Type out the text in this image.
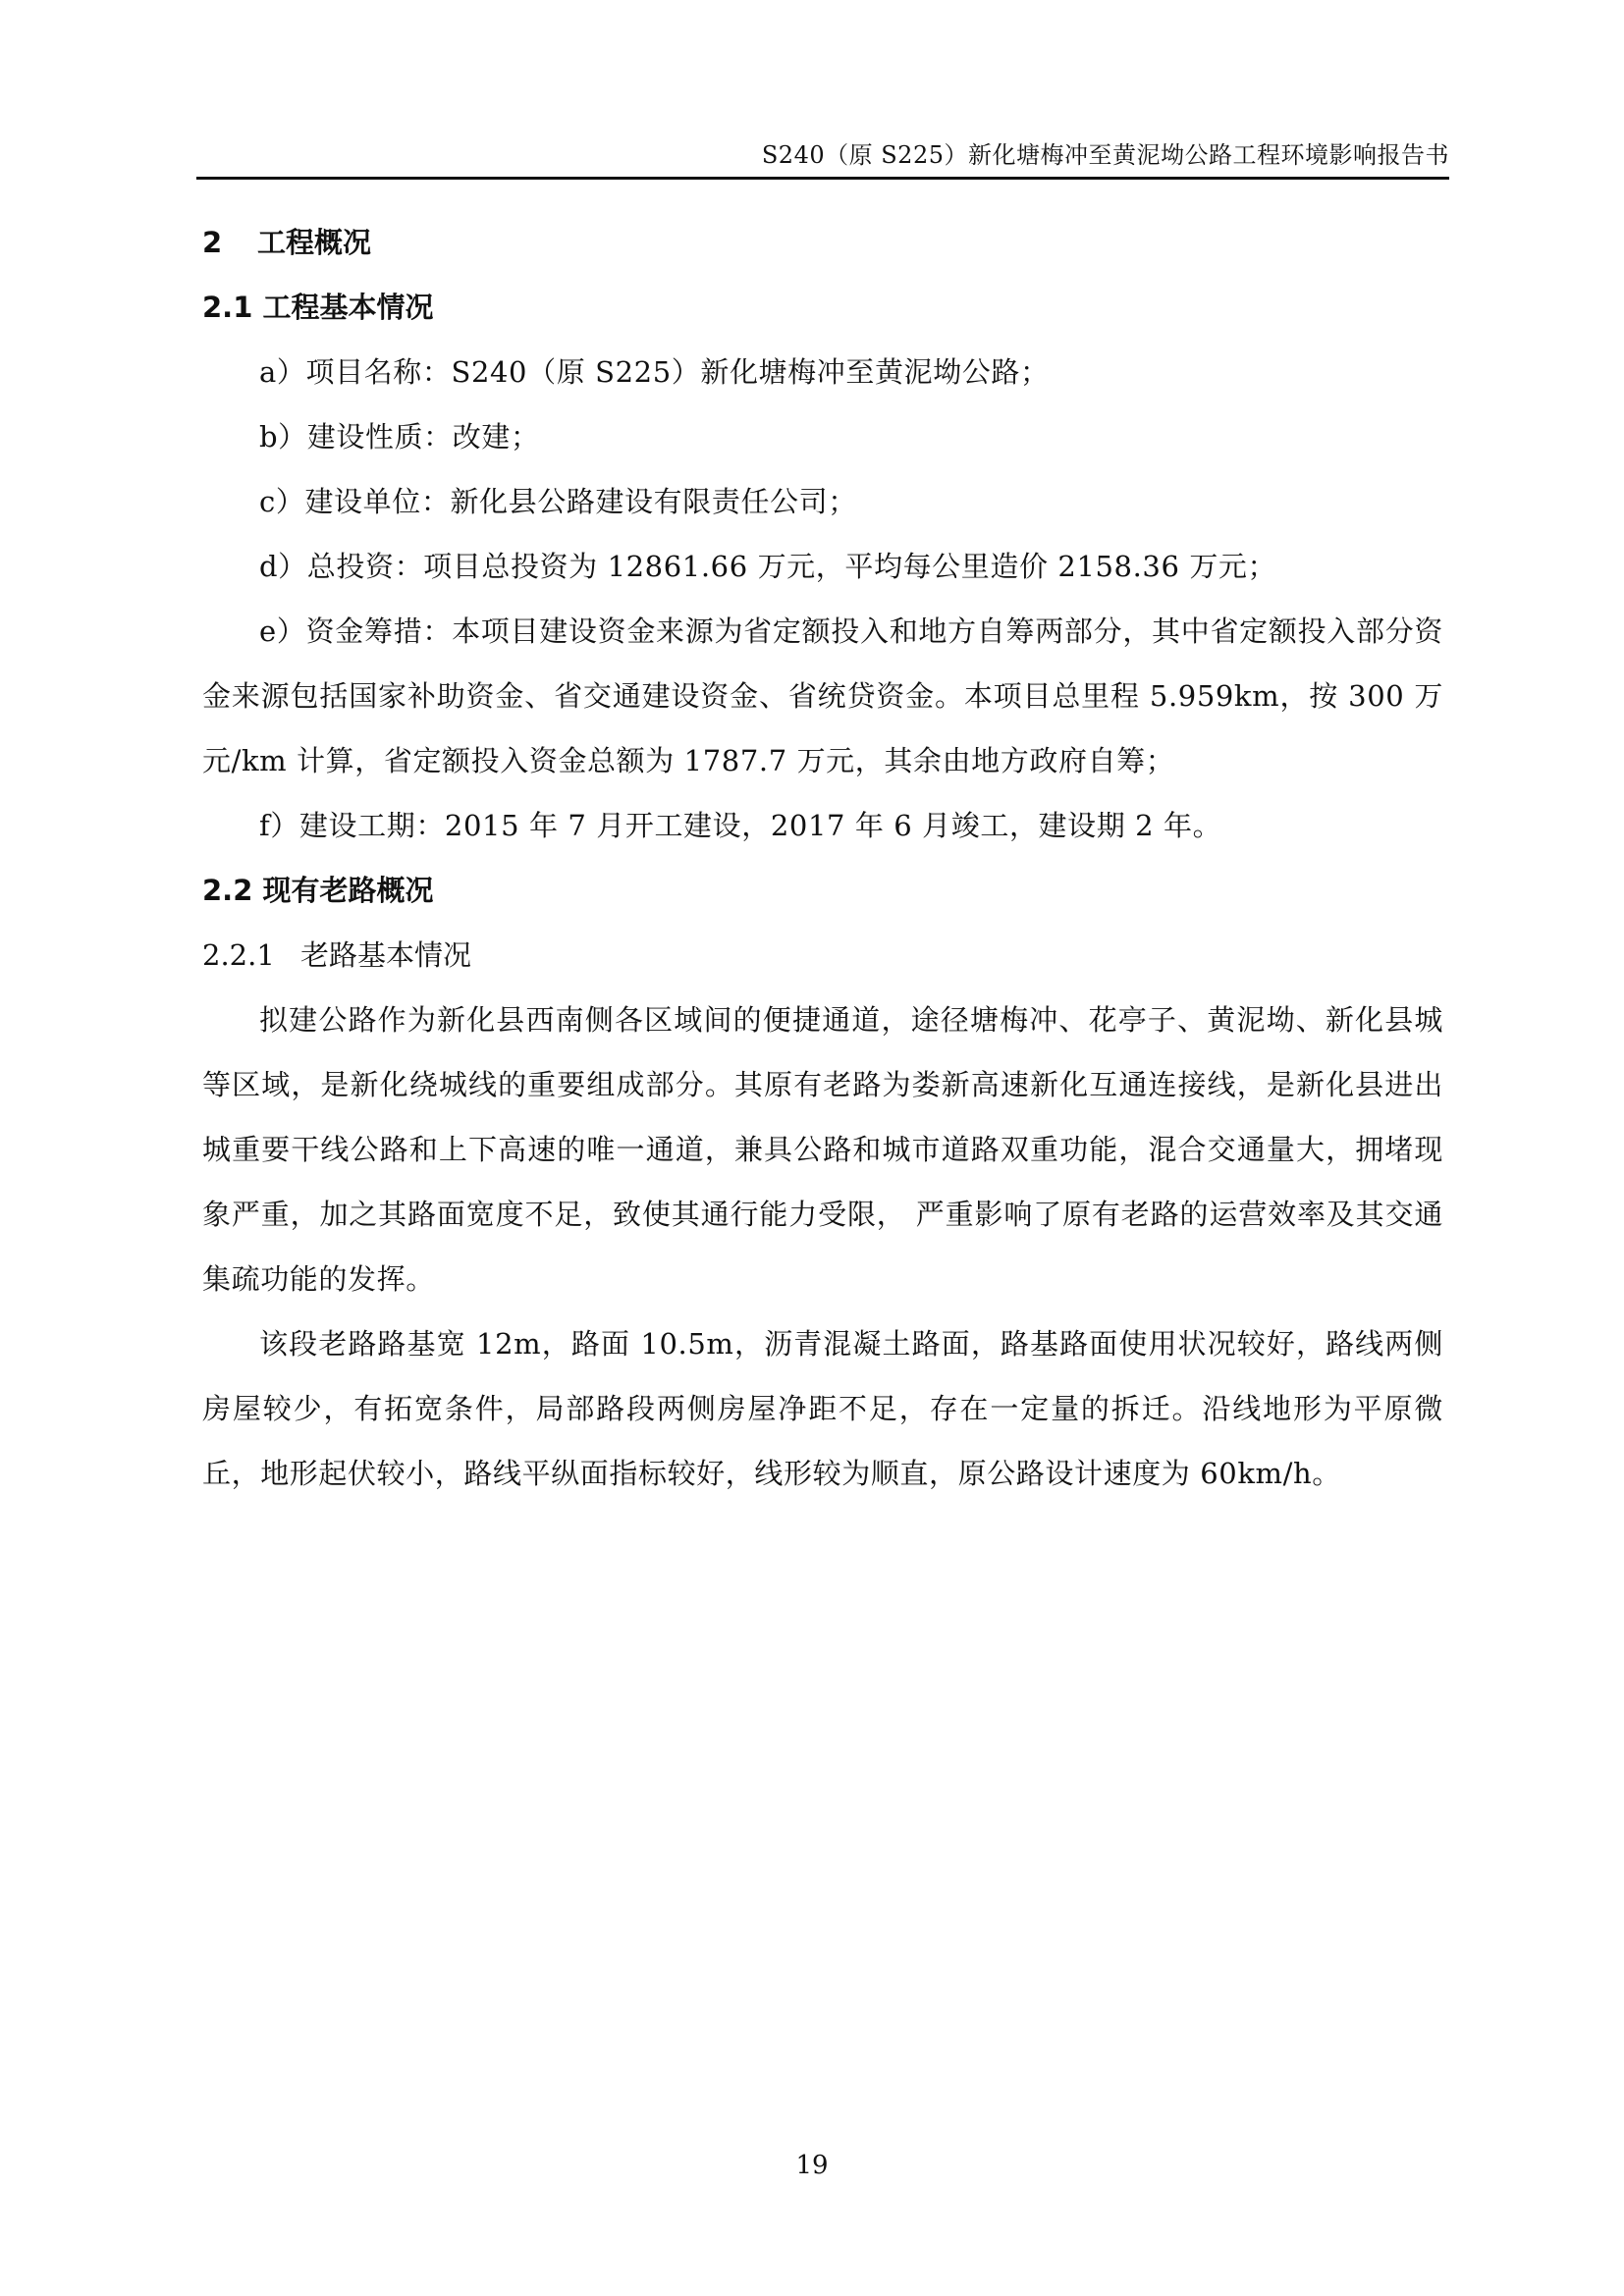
S240（原 S225）新化塘梅冲至黄泥坳公路工程环境影响报告书
2 工程概况
2.1 工程基本情况

a）项目名称：S240（原 S225）新化塘梅冲至黄泥坳公路；

b）建设性质：改建；

c）建设单位：新化县公路建设有限责任公司；

d）总投资：项目总投资为 12861.66 万元，平均每公里造价 2158.36 万元；

e）资金筹措：本项目建设资金来源为省定额投入和地方自筹两部分，其中省定额投入部分资金来源包括国家补助资金、省交通建设资金、省统贷资金。本项目总里程 5.959km，按 300 万元/km 计算，省定额投入资金总额为 1787.7 万元，其余由地方政府自筹；

f）建设工期：2015 年 7 月开工建设，2017 年 6 月竣工，建设期 2 年。

2.2 现有老路概况
2.2.1 老路基本情况

拟建公路作为新化县西南侧各区域间的便捷通道，途径塘梅冲、花亭子、黄泥坳、新化县城等区域，是新化绕城线的重要组成部分。其原有老路为娄新高速新化互通连接线，是新化县进出城重要干线公路和上下高速的唯一通道，兼具公路和城市道路双重功能，混合交通量大，拥堵现象严重，加之其路面宽度不足，致使其通行能力受限， 严重影响了原有老路的运营效率及其交通集疏功能的发挥。

该段老路路基宽 12m，路面 10.5m，沥青混凝土路面，路基路面使用状况较好，路线两侧房屋较少，有拓宽条件，局部路段两侧房屋净距不足，存在一定量的拆迁。沿线地形为平原微丘，地形起伏较小，路线平纵面指标较好，线形较为顺直，原公路设计速度为 60km/h。

19
